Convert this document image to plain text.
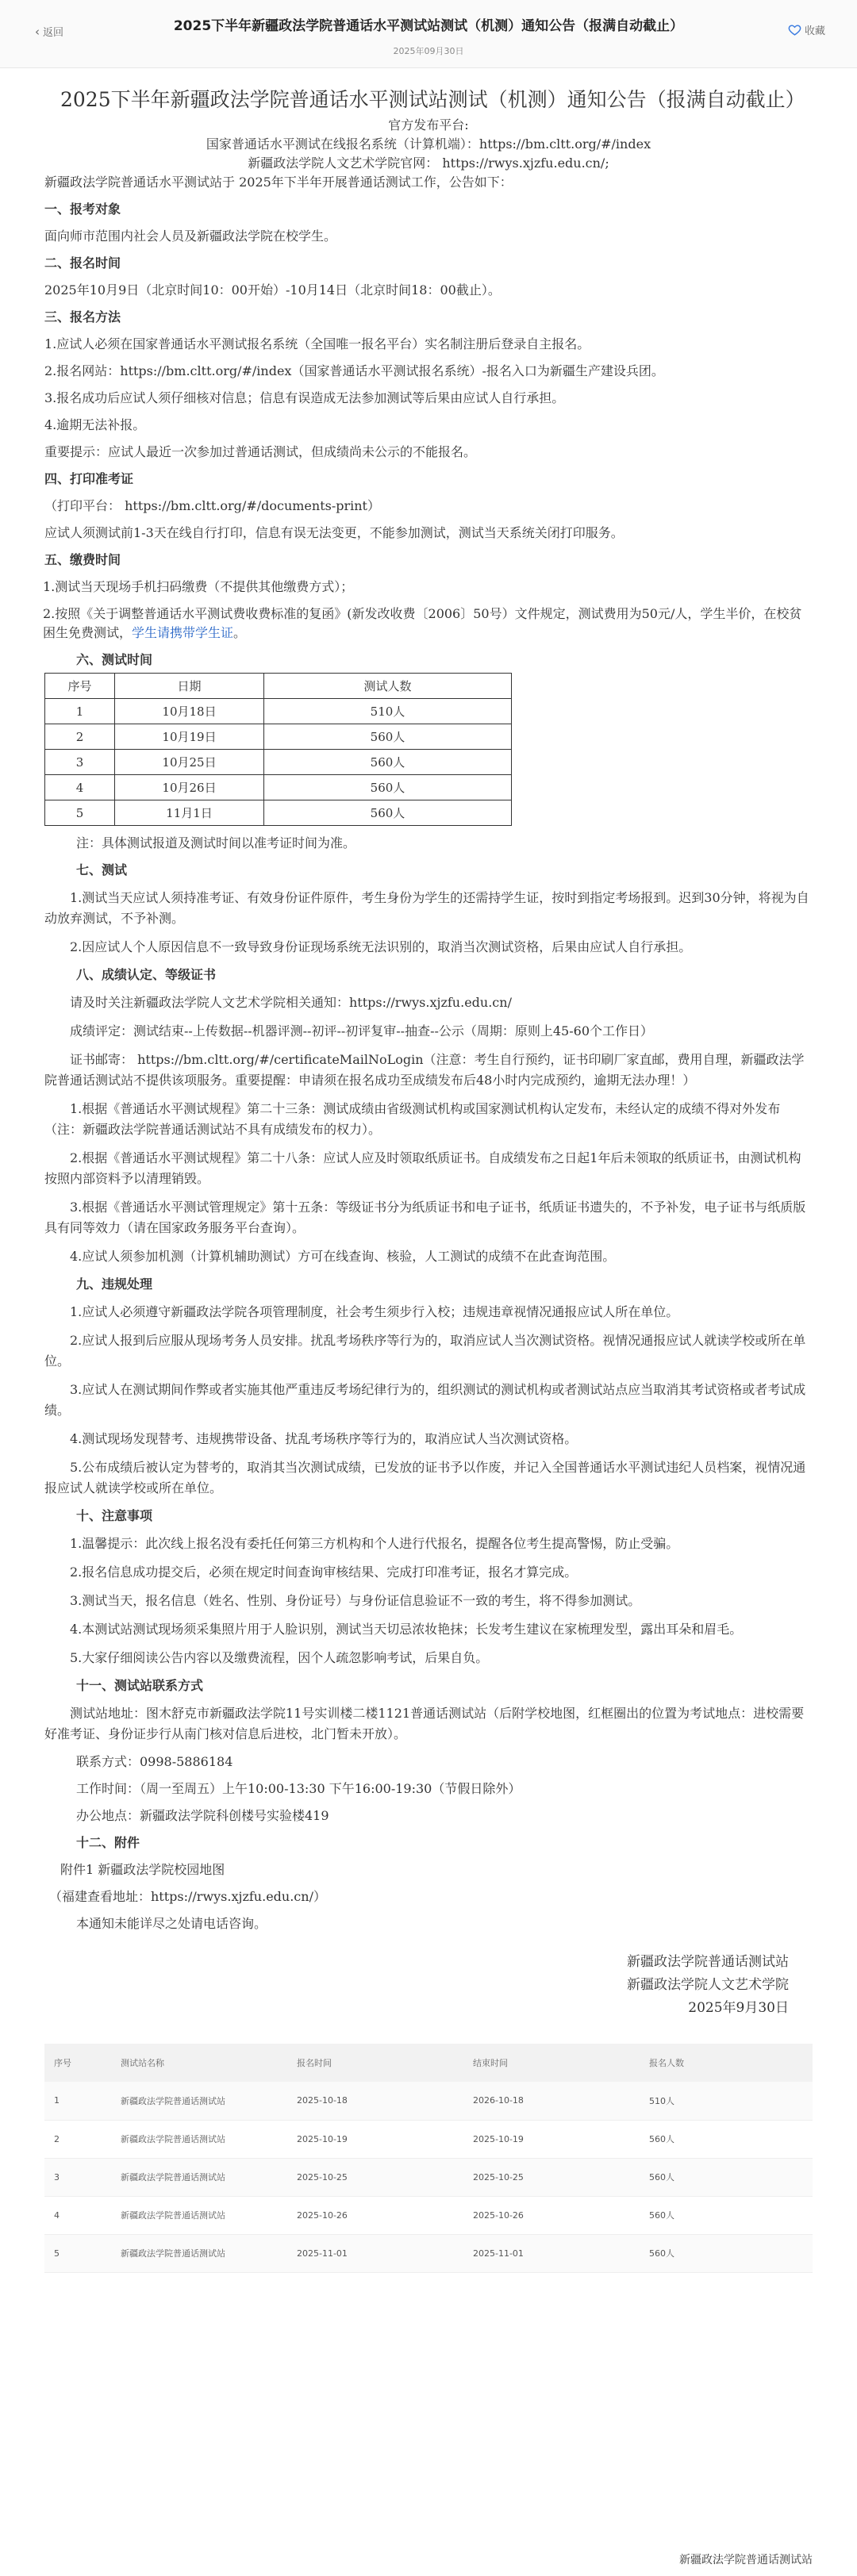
‹ 返回	2025下半年新疆政法学院普通话水平测试站测试（机测）通知公告（报满自动截止）
2025年09月30日
收藏
2025下半年新疆政法学院普通话水平测试站测试（机测）通知公告（报满自动截止）
官方发布平台:
国家普通话水平测试在线报名系统（计算机端）：https://bm.cltt.org/#/index
新疆政法学院人文艺术学院官网： https://rwys.xjzfu.edu.cn/;
新疆政法学院普通话水平测试站于 2025年下半年开展普通话测试工作，公告如下：
一、报考对象
面向师市范围内社会人员及新疆政法学院在校学生。
二、报名时间
2025年10月9日（北京时间10：00开始）-10月14日（北京时间18：00截止）。
三、报名方法
1.应试人必须在国家普通话水平测试报名系统（全国唯一报名平台）实名制注册后登录自主报名。
2.报名网站：https://bm.cltt.org/#/index（国家普通话水平测试报名系统）-报名入口为新疆生产建设兵团。
3.报名成功后应试人须仔细核对信息；信息有误造成无法参加测试等后果由应试人自行承担。
4.逾期无法补报。
重要提示：应试人最近一次参加过普通话测试，但成绩尚未公示的不能报名。
四、打印准考证
（打印平台： https://bm.cltt.org/#/documents-print）
应试人须测试前1-3天在线自行打印，信息有误无法变更，不能参加测试，测试当天系统关闭打印服务。
五、缴费时间
1.测试当天现场手机扫码缴费（不提供其他缴费方式）；
2.按照《关于调整普通话水平测试费收费标准的复函》(新发改收费〔2006〕50号）文件规定，测试费用为50元/人，学生半价，在校贫困生免费测试，学生请携带学生证。
六、测试时间
序号	日期	测试人数
1	10月18日	510人
2	10月19日	560人
3	10月25日	560人
4	10月26日	560人
5	11月1日	560人
注：具体测试报道及测试时间以准考证时间为准。
七、测试
1.测试当天应试人须持准考证、有效身份证件原件，考生身份为学生的还需持学生证，按时到指定考场报到。迟到30分钟，将视为自动放弃测试，不予补测。
2.因应试人个人原因信息不一致导致身份证现场系统无法识别的，取消当次测试资格，后果由应试人自行承担。
八、成绩认定、等级证书
请及时关注新疆政法学院人文艺术学院相关通知：https://rwys.xjzfu.edu.cn/
成绩评定：测试结束--上传数据--机器评测--初评--初评复审--抽查--公示（周期：原则上45-60个工作日）
证书邮寄： https://bm.cltt.org/#/certificateMailNoLogin（注意：考生自行预约，证书印刷厂家直邮，费用自理，新疆政法学院普通话测试站不提供该项服务。重要提醒：申请须在报名成功至成绩发布后48小时内完成预约，逾期无法办理！）
1.根据《普通话水平测试规程》第二十三条：测试成绩由省级测试机构或国家测试机构认定发布，未经认定的成绩不得对外发布（注：新疆政法学院普通话测试站不具有成绩发布的权力）。
2.根据《普通话水平测试规程》第二十八条：应试人应及时领取纸质证书。自成绩发布之日起1年后未领取的纸质证书，由测试机构按照内部资料予以清理销毁。
3.根据《普通话水平测试管理规定》第十五条：等级证书分为纸质证书和电子证书，纸质证书遗失的，不予补发，电子证书与纸质版具有同等效力（请在国家政务服务平台查询）。
4.应试人须参加机测（计算机辅助测试）方可在线查询、核验，人工测试的成绩不在此查询范围。
九、违规处理
1.应试人必须遵守新疆政法学院各项管理制度，社会考生须步行入校；违规违章视情况通报应试人所在单位。
2.应试人报到后应服从现场考务人员安排。扰乱考场秩序等行为的，取消应试人当次测试资格。视情况通报应试人就读学校或所在单位。
3.应试人在测试期间作弊或者实施其他严重违反考场纪律行为的，组织测试的测试机构或者测试站点应当取消其考试资格或者考试成绩。
4.测试现场发现替考、违规携带设备、扰乱考场秩序等行为的，取消应试人当次测试资格。
5.公布成绩后被认定为替考的，取消其当次测试成绩，已发放的证书予以作废，并记入全国普通话水平测试违纪人员档案，视情况通报应试人就读学校或所在单位。
十、注意事项
1.温馨提示：此次线上报名没有委托任何第三方机构和个人进行代报名，提醒各位考生提高警惕，防止受骗。
2.报名信息成功提交后，必须在规定时间查询审核结果、完成打印准考证，报名才算完成。
3.测试当天，报名信息（姓名、性别、身份证号）与身份证信息验证不一致的考生，将不得参加测试。
4.本测试站测试现场须采集照片用于人脸识别，测试当天切忌浓妆艳抹；长发考生建议在家梳理发型，露出耳朵和眉毛。
5.大家仔细阅读公告内容以及缴费流程，因个人疏忽影响考试，后果自负。
十一、测试站联系方式
测试站地址：图木舒克市新疆政法学院11号实训楼二楼1121普通话测试站（后附学校地图，红框圈出的位置为考试地点：进校需要好准考证、身份证步行从南门核对信息后进校，北门暂未开放）。
联系方式：0998-5886184
工作时间：（周一至周五）上午10:00-13:30 下午16:00-19:30（节假日除外）
办公地点：新疆政法学院科创楼号实验楼419
十二、附件
附件1 新疆政法学院校园地图
（福建查看地址：https://rwys.xjzfu.edu.cn/）
本通知未能详尽之处请电话咨询。
新疆政法学院普通话测试站
新疆政法学院人文艺术学院
2025年9月30日
序号	测试站名称	报名时间	结束时间	报名人数
1	新疆政法学院普通话测试站	2025-10-18	2026-10-18	510人
2	新疆政法学院普通话测试站	2025-10-19	2025-10-19	560人
3	新疆政法学院普通话测试站	2025-10-25	2025-10-25	560人
4	新疆政法学院普通话测试站	2025-10-26	2025-10-26	560人
5	新疆政法学院普通话测试站	2025-11-01	2025-11-01	560人
新疆政法学院普通话测试站
